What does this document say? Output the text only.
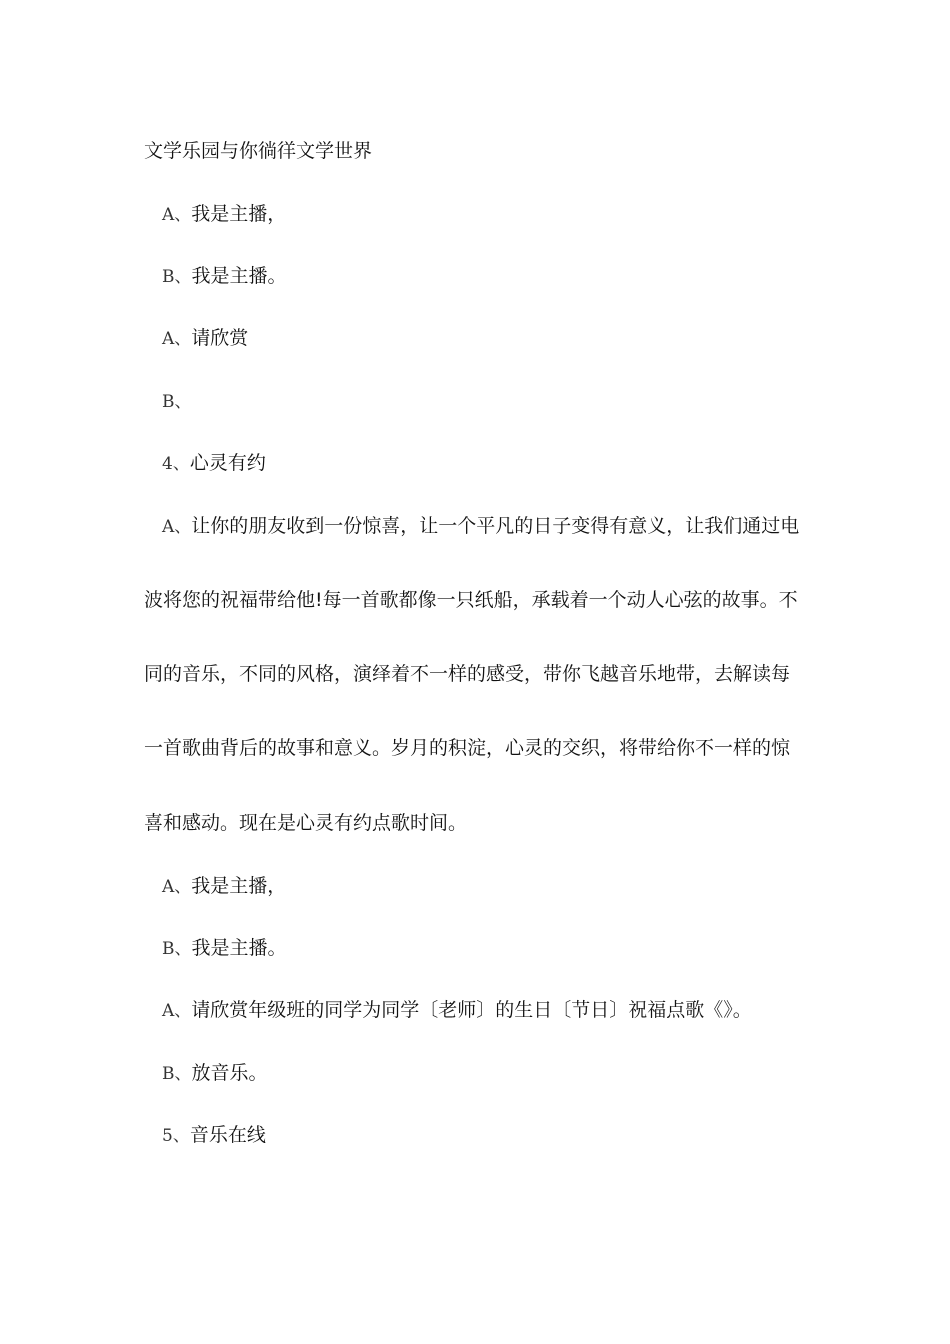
文学乐园与你徜徉文学世界
A、我是主播，
B、我是主播。
A、请欣赏
B、
4、心灵有约
A、让你的朋友收到一份惊喜，让一个平凡的日子变得有意义，让我们通过电
波将您的祝福带给他!每一首歌都像一只纸船，承载着一个动人心弦的故事。不
同的音乐，不同的风格，演绎着不一样的感受，带你飞越音乐地带，去解读每
一首歌曲背后的故事和意义。岁月的积淀，心灵的交织，将带给你不一样的惊
喜和感动。现在是心灵有约点歌时间。
A、我是主播，
B、我是主播。
A、请欣赏年级班的同学为同学〔老师〕的生日〔节日〕祝福点歌《》。
B、放音乐。
5、音乐在线
